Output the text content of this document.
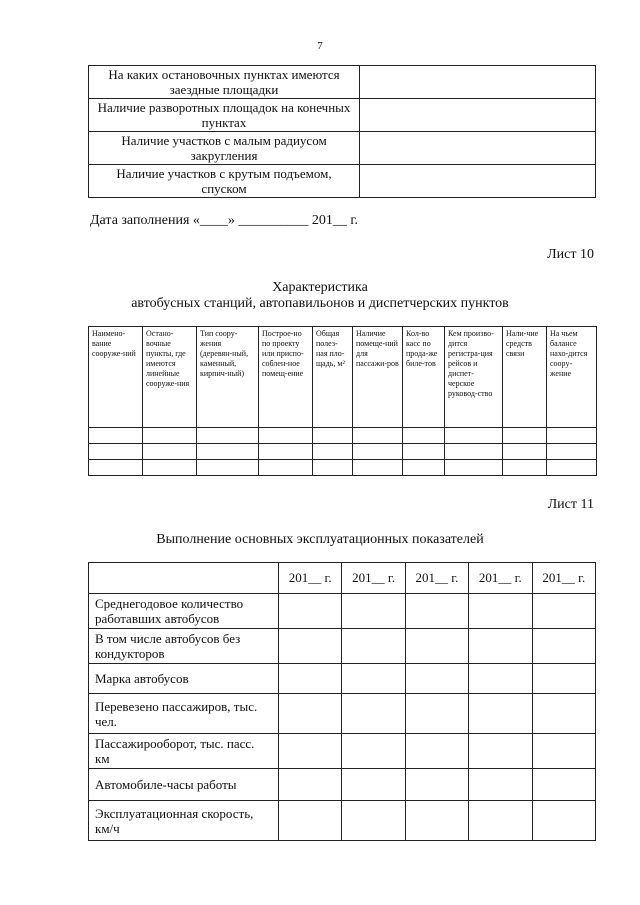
7
На каких остановочных пунктах имеются заездные площадки	
Наличие разворотных площадок на конечных пунктах	
Наличие участков с малым радиусом закругления	
Наличие участков с крутым подъемом, спуском	
Дата заполнения «____» __________ 201__ г.
Лист 10
Характеристика
автобусных станций, автопавильонов и диспетчерских пунктов
Наимено-вание сооруже-ний	Остано-вочные пункты, где имеются линейные сооруже-ния	Тип соору-жения (деревян-ный, каменный, кирпич-ный)	Построе-но по проекту или приспо-соблен-ное помещ-ение	Общая полез-ная пло-щадь, м²	Наличие помеще-ний для пассажи-ров	Кол-во касс по прода-же биле-тов	Кем произво-дится регистра-ция рейсов и диспет-черское руковод-ство	Нали-чие средств связи	На чьем балансе нахо-дится соору-жение

Лист 11
Выполнение основных эксплуатационных показателей
	201__ г.	201__ г.	201__ г.	201__ г.	201__ г.
Среднегодовое количество работавших автобусов					
В том числе автобусов без кондукторов					
Марка автобусов					
Перевезено пассажиров, тыс. чел.					
Пассажирооборот, тыс. пасс. км					
Автомобиле-часы работы					
Эксплуатационная скорость, км/ч					
